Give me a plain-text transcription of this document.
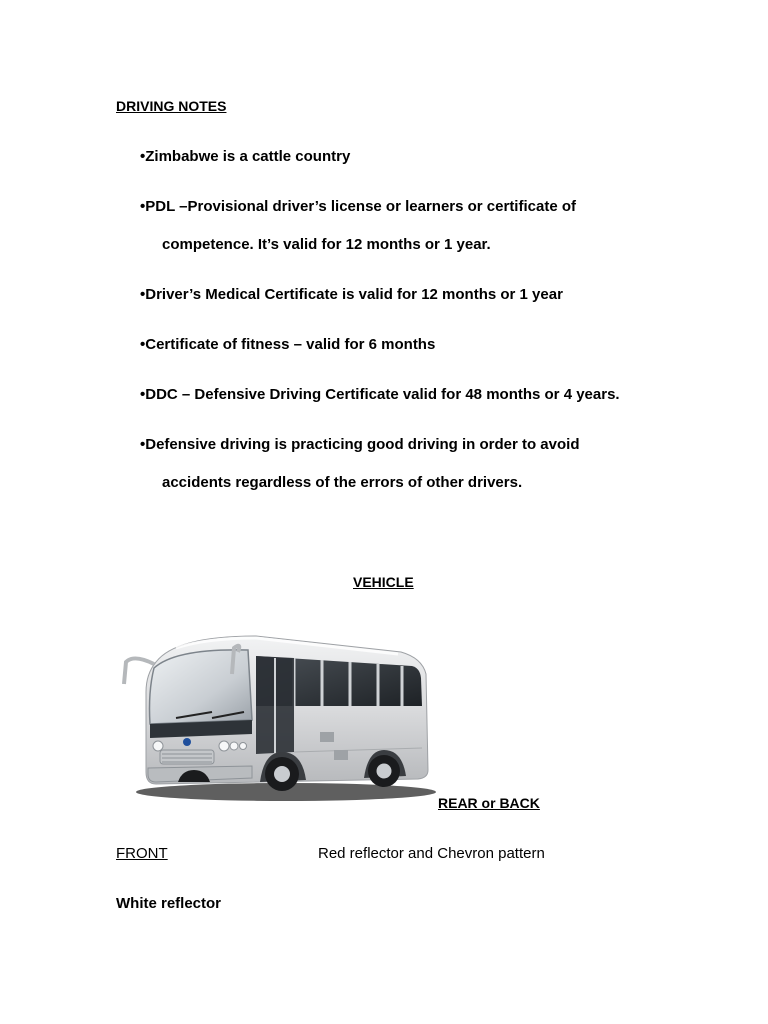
DRIVING NOTES
•Zimbabwe is a cattle country
•PDL –Provisional driver’s license or learners or certificate of
competence. It’s valid for 12 months or 1 year.
•Driver’s Medical Certificate is valid for 12 months or 1 year
•Certificate of fitness – valid for 6 months
•DDC – Defensive Driving Certificate valid for 48 months or 4 years.
•Defensive driving is practicing good driving in order to avoid
accidents regardless of the errors of other drivers.
VEHICLE
REAR or BACK
FRONT	Red reflector and Chevron pattern
White reflector
